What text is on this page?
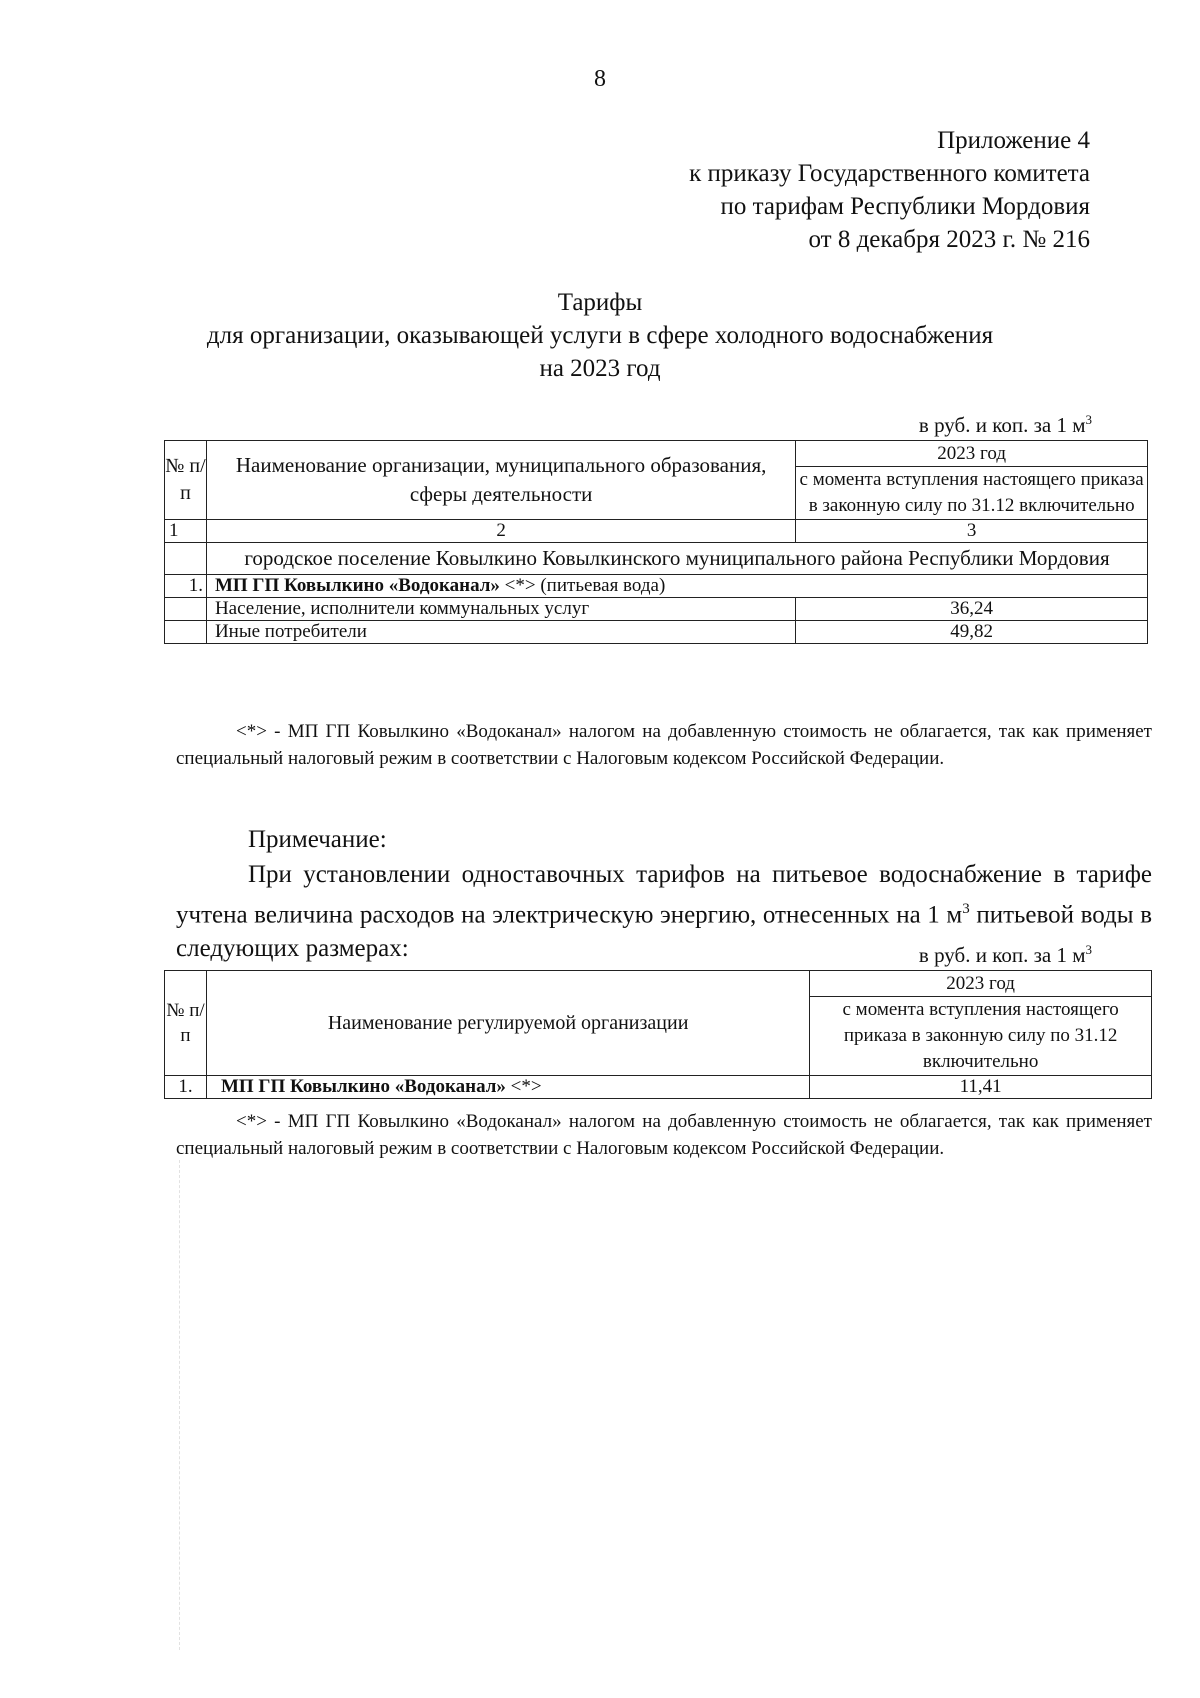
8
Приложение 4
к приказу Государственного комитета
по тарифам Республики Мордовия
от 8 декабря 2023 г. № 216
Тарифы
для организации, оказывающей услуги в сфере холодного водоснабжения
на 2023 год
в руб. и коп. за 1 $м^3$
№ п/п	Наименование организации, муниципального образования, сферы деятельности	2023 год
		с момента вступления настоящего приказа в законную силу по 31.12 включительно
1	2	3
	городское поселение Ковылкино Ковылкинского муниципального района Республики Мордовия	
1.	МП ГП Ковылкино «Водоканал» <*> (питьевая вода)	
	Население, исполнители коммунальных услуг	36,24
	Иные потребители	49,82
<*> - МП ГП Ковылкино «Водоканал» налогом на добавленную стоимость не облагается, так как применяет специальный налоговый режим в соответствии с Налоговым кодексом Российской Федерации.
Примечание:
При установлении одноставочных тарифов на питьевое водоснабжение в тарифе учтена величина расходов на электрическую энергию, отнесенных на 1 $м^3$ питьевой воды в следующих размерах:	в руб. и коп. за 1 $м^3$
№ п/ п	Наименование регулируемой организации	2023 год
		с момента вступления настоящего приказа в законную силу по 31.12 включительно
1.	МП ГП Ковылкино «Водоканал» <*>	11,41
<*> - МП ГП Ковылкино «Водоканал» налогом на добавленную стоимость не облагается, так как применяет специальный налоговый режим в соответствии с Налоговым кодексом Российской Федерации.
